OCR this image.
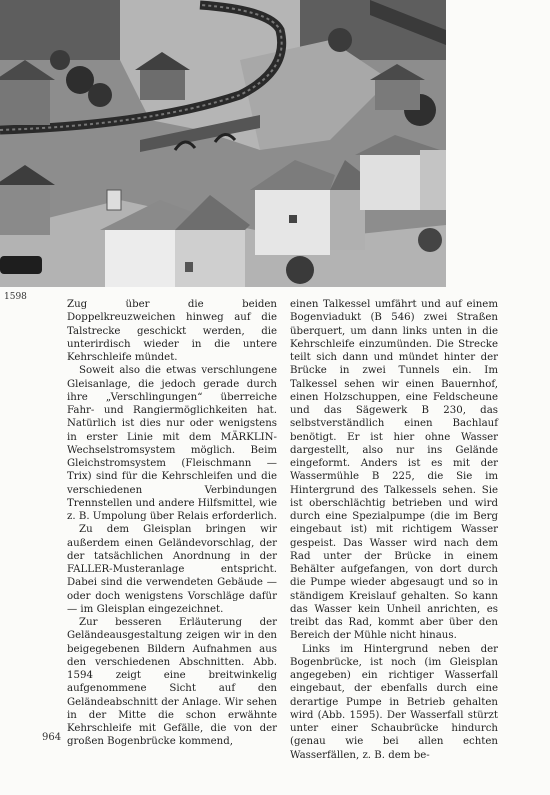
1598

Zug über die beiden Doppelkreuzweichen hinweg auf die Talstrecke geschickt werden, die unterirdisch wieder in die untere Kehrschleife mündet.

Soweit also die etwas verschlungene Gleisanlage, die jedoch gerade durch ihre „Verschlingungen“ überreiche Fahr- und Rangiermöglichkeiten hat. Natürlich ist dies nur oder wenigstens in erster Linie mit dem MÄRKLIN-Wechselstromsystem möglich. Beim Gleichstromsystem (Fleischmann — Trix) sind für die Kehrschleifen und die verschiedenen Verbindungen Trennstellen und andere Hilfsmittel, wie z. B. Umpolung über Relais erforderlich.

Zu dem Gleisplan bringen wir außerdem einen Geländevorschlag, der der tatsächlichen Anordnung in der FALLER-Musteranlage entspricht. Dabei sind die verwendeten Gebäude — oder doch wenigstens Vorschläge dafür — im Gleisplan eingezeichnet.

Zur besseren Erläuterung der Geländeausgestaltung zeigen wir in den beigegebenen Bildern Aufnahmen aus den verschiedenen Abschnitten. Abb. 1594 zeigt eine breitwinkelig aufgenommene Sicht auf den Geländeabschnitt der Anlage. Wir sehen in der Mitte die schon erwähnte Kehrschleife mit Gefälle, die von der großen Bogenbrücke kommend,

einen Talkessel umfährt und auf einem Bogenviadukt (B 546) zwei Straßen überquert, um dann links unten in die Kehrschleife einzumünden. Die Strecke teilt sich dann und mündet hinter der Brücke in zwei Tunnels ein. Im Talkessel sehen wir einen Bauernhof, einen Holzschuppen, eine Feldscheune und das Sägewerk B 230, das selbstverständlich einen Bachlauf benötigt. Er ist hier ohne Wasser dargestellt, also nur ins Gelände eingeformt. Anders ist es mit der Wassermühle B 225, die Sie im Hintergrund des Talkessels sehen. Sie ist oberschlächtig betrieben und wird durch eine Spezialpumpe (die im Berg eingebaut ist) mit richtigem Wasser gespeist. Das Wasser wird nach dem Rad unter der Brücke in einem Behälter aufgefangen, von dort durch die Pumpe wieder abgesaugt und so in ständigem Kreislauf gehalten. So kann das Wasser kein Unheil anrichten, es treibt das Rad, kommt aber über den Bereich der Mühle nicht hinaus.

Links im Hintergrund neben der Bogenbrücke, ist noch (im Gleisplan angegeben) ein richtiger Wasserfall eingebaut, der ebenfalls durch eine derartige Pumpe in Betrieb gehalten wird (Abb. 1595). Der Wasserfall stürzt unter einer Schaubrücke hindurch (genau wie bei allen echten Wasserfällen, z. B. dem be-

964
